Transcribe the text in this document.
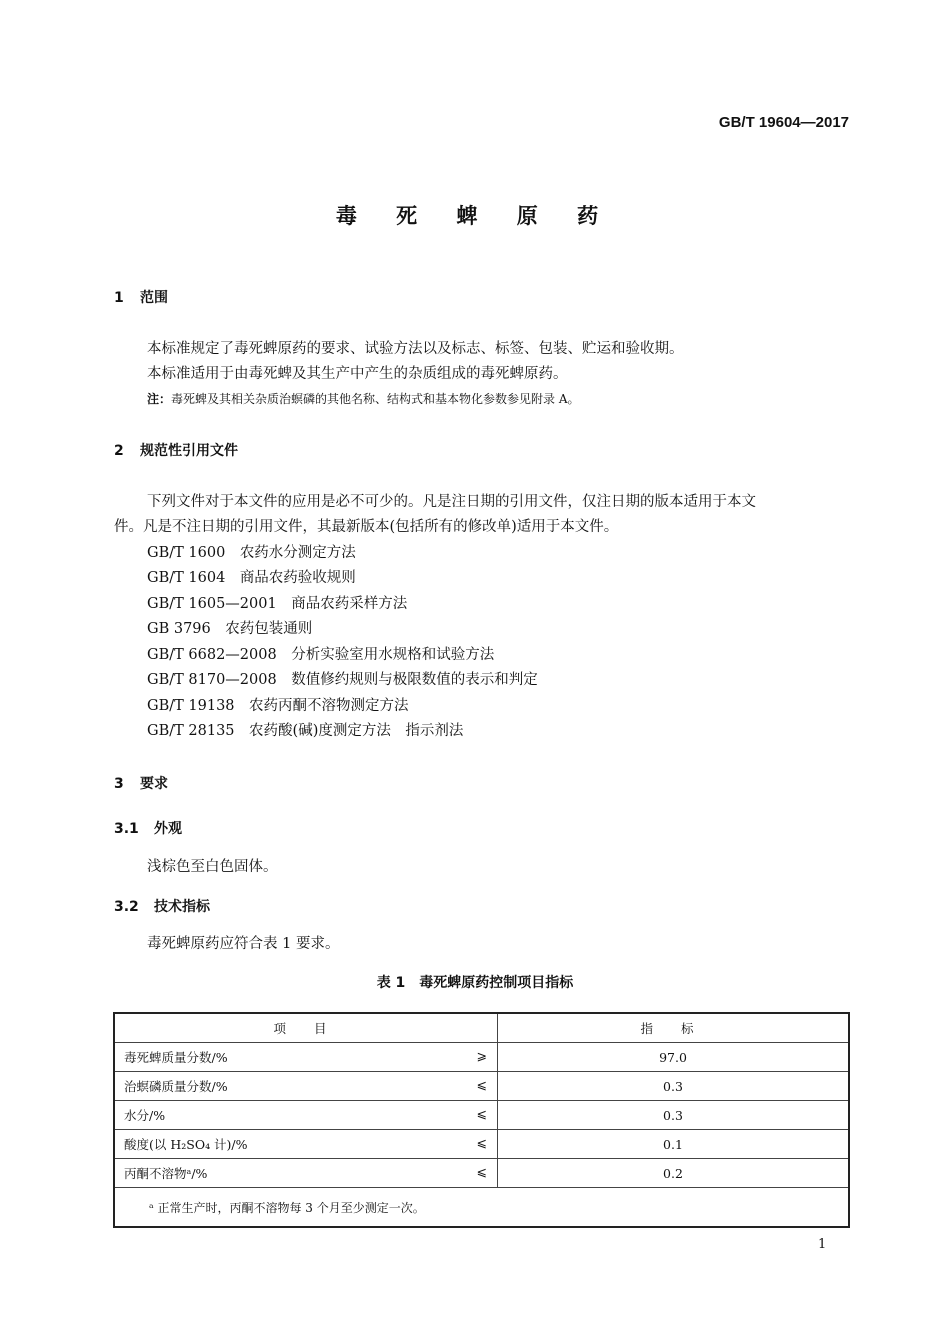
GB/T 19604—2017
毒 死 蜱 原 药
1 范围
本标准规定了毒死蜱原药的要求、试验方法以及标志、标签、包装、贮运和验收期。
本标准适用于由毒死蜱及其生产中产生的杂质组成的毒死蜱原药。
注：毒死蜱及其相关杂质治螟磷的其他名称、结构式和基本物化参数参见附录 A。
2 规范性引用文件
下列文件对于本文件的应用是必不可少的。凡是注日期的引用文件，仅注日期的版本适用于本文
件。凡是不注日期的引用文件，其最新版本(包括所有的修改单)适用于本文件。
GB/T 1600　 农药水分测定方法
GB/T 1604　 商品农药验收规则
GB/T 1605—2001　 商品农药采样方法
GB 3796　 农药包装通则
GB/T 6682—2008　 分析实验室用水规格和试验方法
GB/T 8170—2008　 数值修约规则与极限数值的表示和判定
GB/T 19138　 农药丙酮不溶物测定方法
GB/T 28135　 农药酸(碱)度测定方法　指示剂法
3 要求
3.1 外观
浅棕色至白色固体。
3.2 技术指标
毒死蜱原药应符合表 1 要求。
表 1　毒死蜱原药控制项目指标
项 目	指 标
毒死蜱质量分数/% ⩾	97.0
治螟磷质量分数/% ⩽	0.3
水分/% ⩽	0.3
酸度(以 H₂SO₄ 计)/% ⩽	0.1
丙酮不溶物ᵃ/% ⩽	0.2
ᵃ 正常生产时，丙酮不溶物每 3 个月至少测定一次。	
1
